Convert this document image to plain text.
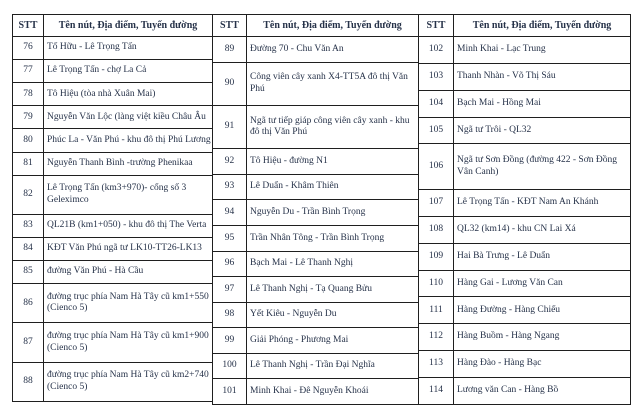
STT	Tên nút, Địa điểm, Tuyến đường
76	Tố Hữu - Lê Trọng Tấn
77	Lê Trọng Tấn - chợ La Cả
78	Tô Hiệu (tòa nhà Xuân Mai)
79	Nguyễn Văn Lộc (làng việt kiều Châu Âu
80	Phúc La - Văn Phú - khu đô thị Phú Lương
81	Nguyễn Thanh Bình -trường Phenikaa
82	Lê Trọng Tấn (km3+970)- cổng số 3 Geleximco
83	QL21B (km1+050) - khu đô thị The Verta
84	KĐT Văn Phú ngã tư LK10-TT26-LK13
85	đường Văn Phú - Hà Cầu
86	đường trục phía Nam Hà Tây cũ km1+550 (Cienco 5)
87	đường trục phía Nam Hà Tây cũ km1+900 (Cienco 5)
88	đường trục phía Nam Hà Tây cũ km2+740 (Cienco 5)
STT	Tên nút, Địa điểm, Tuyến đường
89	Đường 70 - Chu Văn An
90	Công viên cây xanh X4-TT5A đô thị Văn Phú
91	Ngã tư tiếp giáp công viên cây xanh - khu đô thị Văn Phú
92	Tô Hiệu - đường N1
93	Lê Duẩn - Khâm Thiên
94	Nguyễn Du - Trần Bình Trọng
95	Trần Nhân Tông - Trần Bình Trọng
96	Bạch Mai - Lê Thanh Nghị
97	Lê Thanh Nghị - Tạ Quang Bửu
98	Yết Kiêu - Nguyễn Du
99	Giải Phóng - Phương Mai
100	Lê Thanh Nghị - Trần Đại Nghĩa
101	Minh Khai - Đê Nguyễn Khoái
STT	Tên nút, Địa điểm, Tuyến đường
102	Minh Khai - Lạc Trung
103	Thanh Nhàn - Võ Thị Sáu
104	Bạch Mai - Hồng Mai
105	Ngã tư Trôi - QL32
106	Ngã tư Sơn Đồng (đường 422 - Sơn Đồng Vân Canh)
107	Lê Trọng Tấn - KĐT Nam An Khánh
108	QL32 (km14) - khu CN Lai Xá
109	Hai Bà Trưng - Lê Duẩn
110	Hàng Gai - Lương Văn Can
111	Hàng Đường - Hàng Chiếu
112	Hàng Buồm - Hàng Ngang
113	Hàng Đào - Hàng Bạc
114	Lương văn Can - Hàng Bồ
